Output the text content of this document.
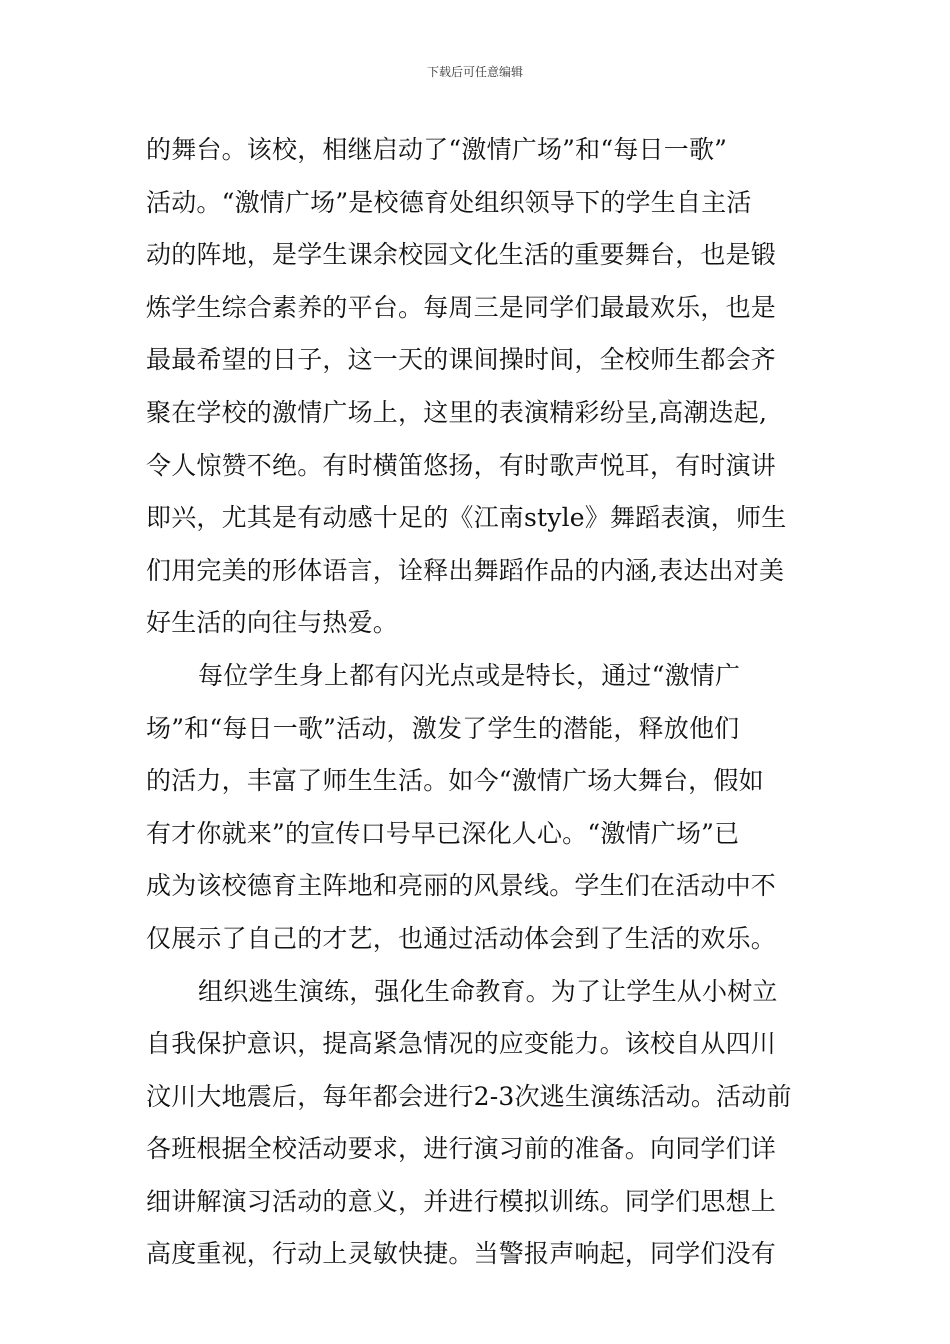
下载后可任意编辑
的舞台。该校，相继启动了“激情广场”和“每日一歌”
活动。“激情广场”是校德育处组织领导下的学生自主活
动的阵地，是学生课余校园文化生活的重要舞台，也是锻
炼学生综合素养的平台。每周三是同学们最最欢乐，也是
最最希望的日子，这一天的课间操时间，全校师生都会齐
聚在学校的激情广场上，这里的表演精彩纷呈,高潮迭起,
令人惊赞不绝。有时横笛悠扬，有时歌声悦耳，有时演讲
即兴，尤其是有动感十足的《江南style》舞蹈表演，师生
们用完美的形体语言，诠释出舞蹈作品的内涵,表达出对美
好生活的向往与热爱。
每位学生身上都有闪光点或是特长，通过“激情广
场”和“每日一歌”活动，激发了学生的潜能，释放他们
的活力，丰富了师生生活。如今“激情广场大舞台，假如
有才你就来”的宣传口号早已深化人心。“激情广场”已
成为该校德育主阵地和亮丽的风景线。学生们在活动中不
仅展示了自己的才艺，也通过活动体会到了生活的欢乐。
组织逃生演练，强化生命教育。为了让学生从小树立
自我保护意识，提高紧急情况的应变能力。该校自从四川
汶川大地震后，每年都会进行2-3次逃生演练活动。活动前
各班根据全校活动要求，进行演习前的准备。向同学们详
细讲解演习活动的意义，并进行模拟训练。同学们思想上
高度重视，行动上灵敏快捷。当警报声响起，同学们没有
